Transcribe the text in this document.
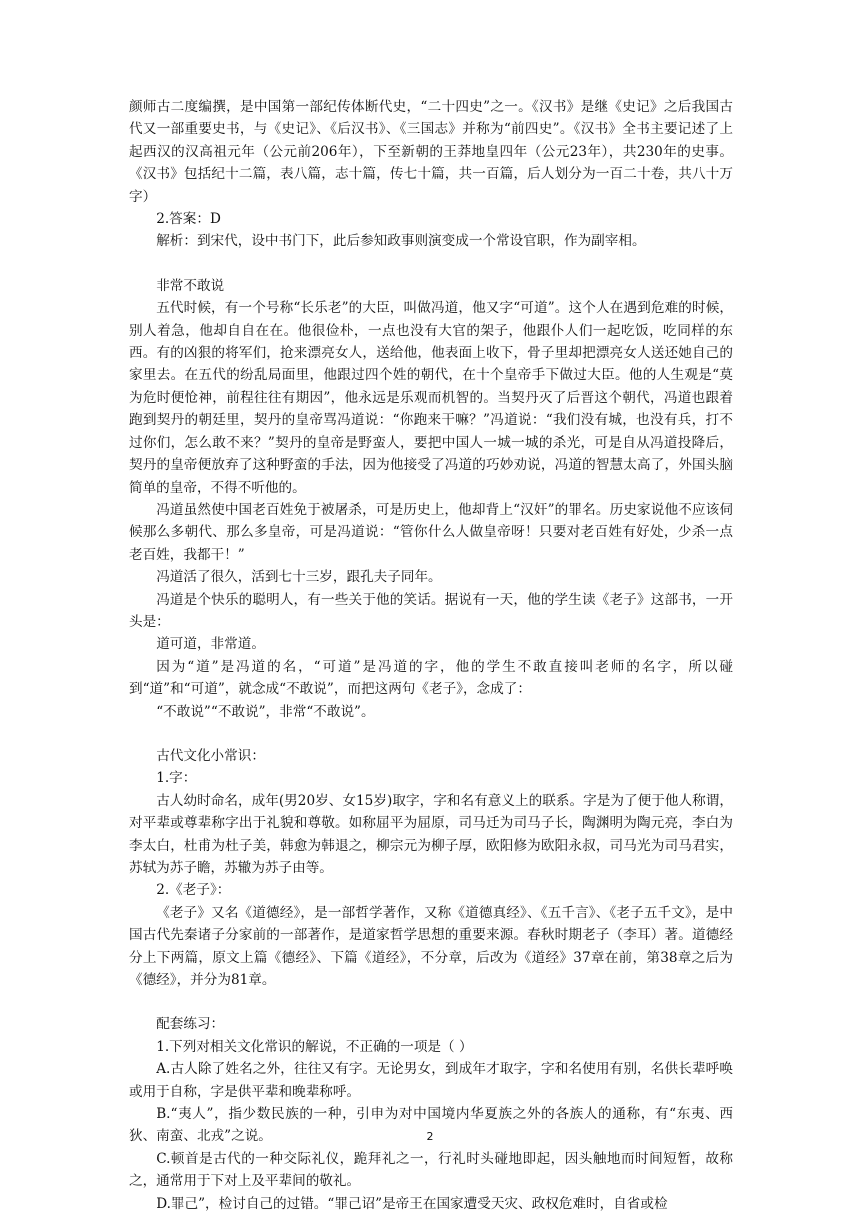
颜师古二度编撰，是中国第一部纪传体断代史，“二十四史”之一。《汉书》是继《史记》之后我国古代又一部重要史书，与《史记》、《后汉书》、《三国志》并称为“前四史”。《汉书》全书主要记述了上起西汉的汉高祖元年（公元前206年），下至新朝的王莽地皇四年（公元23年），共230年的史事。《汉书》包括纪十二篇，表八篇，志十篇，传七十篇，共一百篇，后人划分为一百二十卷，共八十万字）

2.答案：D

解析：到宋代，设中书门下，此后参知政事则演变成一个常设官职，作为副宰相。

非常不敢说

五代时候，有一个号称“长乐老”的大臣，叫做冯道，他又字“可道”。这个人在遇到危难的时候，别人着急，他却自自在在。他很俭朴，一点也没有大官的架子，他跟仆人们一起吃饭，吃同样的东西。有的凶狠的将军们，抢来漂亮女人，送给他，他表面上收下，骨子里却把漂亮女人送还她自己的家里去。在五代的纷乱局面里，他跟过四个姓的朝代，在十个皇帝手下做过大臣。他的人生观是“莫为危时便怆神，前程往往有期因”，他永远是乐观而机智的。当契丹灭了后晋这个朝代，冯道也跟着跑到契丹的朝廷里，契丹的皇帝骂冯道说：“你跑来干嘛？”冯道说：“我们没有城，也没有兵，打不过你们，怎么敢不来？”契丹的皇帝是野蛮人，要把中国人一城一城的杀光，可是自从冯道投降后，契丹的皇帝便放弃了这种野蛮的手法，因为他接受了冯道的巧妙劝说，冯道的智慧太高了，外国头脑简单的皇帝，不得不听他的。

冯道虽然使中国老百姓免于被屠杀，可是历史上，他却背上“汉奸”的罪名。历史家说他不应该伺候那么多朝代、那么多皇帝，可是冯道说：“管你什么人做皇帝呀！只要对老百姓有好处，少杀一点老百姓，我都干！”

冯道活了很久，活到七十三岁，跟孔夫子同年。

冯道是个快乐的聪明人，有一些关于他的笑话。据说有一天，他的学生读《老子》这部书，一开头是：

道可道，非常道。

因为“道”是冯道的名，“可道”是冯道的字，他的学生不敢直接叫老师的名字，所以碰到“道”和“可道”，就念成“不敢说”，而把这两句《老子》，念成了：

“不敢说”“不敢说”，非常“不敢说”。

古代文化小常识：

1.字：

古人幼时命名，成年(男20岁、女15岁)取字，字和名有意义上的联系。字是为了便于他人称谓，对平辈或尊辈称字出于礼貌和尊敬。如称屈平为屈原，司马迁为司马子长，陶渊明为陶元亮，李白为李太白，杜甫为杜子美，韩愈为韩退之，柳宗元为柳子厚，欧阳修为欧阳永叔，司马光为司马君实，苏轼为苏子瞻，苏辙为苏子由等。

2.《老子》：

《老子》又名《道德经》，是一部哲学著作，又称《道德真经》、《五千言》、《老子五千文》，是中国古代先秦诸子分家前的一部著作，是道家哲学思想的重要来源。春秋时期老子（李耳）著。道德经分上下两篇，原文上篇《德经》、下篇《道经》，不分章，后改为《道经》37章在前，第38章之后为《德经》，并分为81章。

配套练习：

1.下列对相关文化常识的解说，不正确的一项是（ ）

A.古人除了姓名之外，往往又有字。无论男女，到成年才取字，字和名使用有别，名供长辈呼唤或用于自称，字是供平辈和晚辈称呼。

B.“夷人”，指少数民族的一种，引申为对中国境内华夏族之外的各族人的通称，有“东夷、西狄、南蛮、北戎”之说。

C.顿首是古代的一种交际礼仪，跪拜礼之一，行礼时头碰地即起，因头触地而时间短暂，故称之，通常用于下对上及平辈间的敬礼。

D.罪己”，检讨自己的过错。“罪己诏”是帝王在国家遭受天灾、政权危难时，自省或检

2
